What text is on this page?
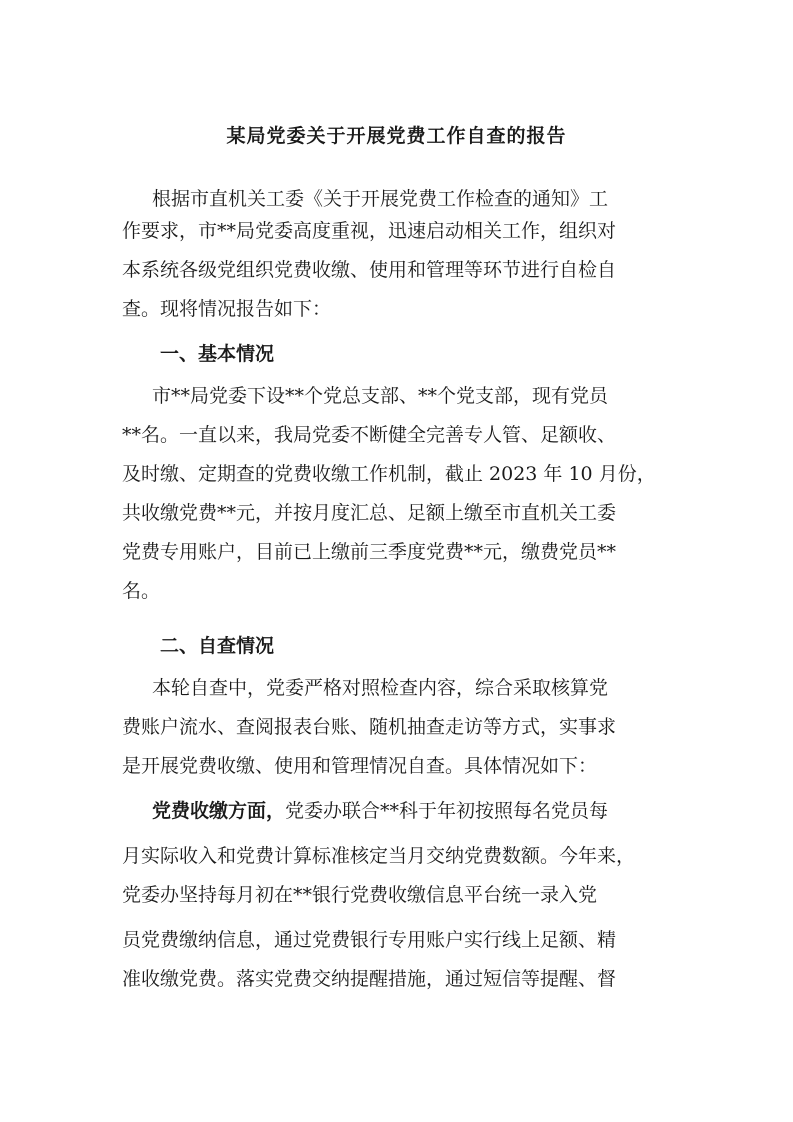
某局党委关于开展党费工作自查的报告

根据市直机关工委《关于开展党费工作检查的通知》工

作要求，市**局党委高度重视，迅速启动相关工作，组织对

本系统各级党组织党费收缴、使用和管理等环节进行自检自

查。现将情况报告如下：

一、基本情况

市**局党委下设**个党总支部、**个党支部，现有党员

**名。一直以来，我局党委不断健全完善专人管、足额收、

及时缴、定期查的党费收缴工作机制，截止 2023 年 10 月份，

共收缴党费**元，并按月度汇总、足额上缴至市直机关工委

党费专用账户，目前已上缴前三季度党费**元，缴费党员**

名。

二、自查情况

本轮自查中，党委严格对照检查内容，综合采取核算党

费账户流水、查阅报表台账、随机抽查走访等方式，实事求

是开展党费收缴、使用和管理情况自查。具体情况如下：

党费收缴方面，党委办联合**科于年初按照每名党员每

月实际收入和党费计算标准核定当月交纳党费数额。今年来，

党委办坚持每月初在**银行党费收缴信息平台统一录入党

员党费缴纳信息，通过党费银行专用账户实行线上足额、精

准收缴党费。落实党费交纳提醒措施，通过短信等提醒、督
